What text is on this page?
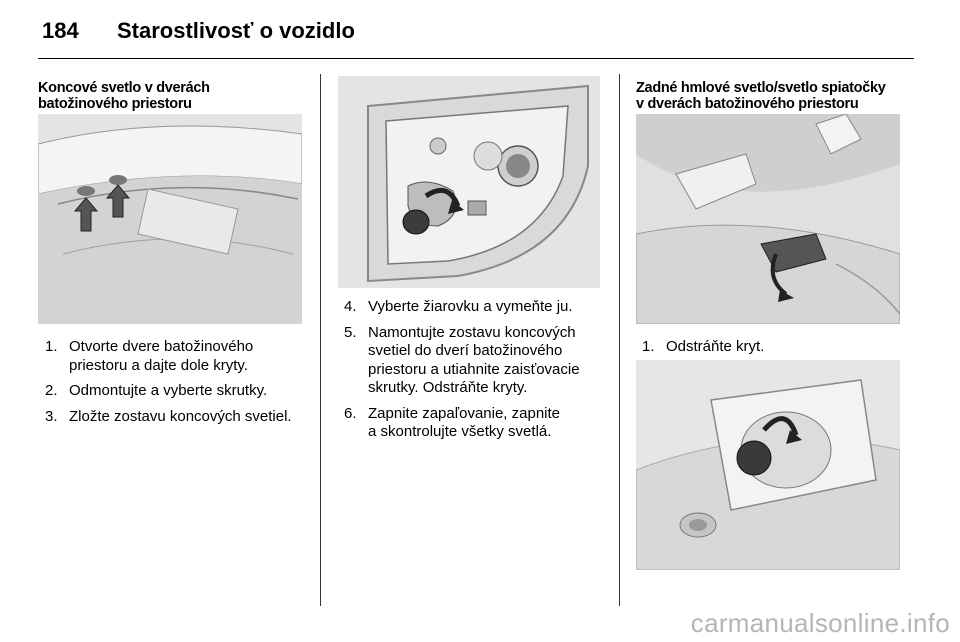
184 Starostlivosť o vozidlo
Koncové svetlo v dverách
batožinového priestoru
1. Otvorte dvere batožinového
priestoru a dajte dole kryty.
2. Odmontujte a vyberte skrutky.
3. Zložte zostavu koncových svetiel.
4. Vyberte žiarovku a vymeňte ju.
5. Namontujte zostavu koncových
svetiel do dverí batožinového
priestoru a utiahnite zaisťovacie
skrutky. Odstráňte kryty.
6. Zapnite zapaľovanie, zapnite
a skontrolujte všetky svetlá.
Zadné hmlové svetlo/svetlo spiatočky
v dverách batožinového priestoru
1. Odstráňte kryt.
carmanualsonline.info
